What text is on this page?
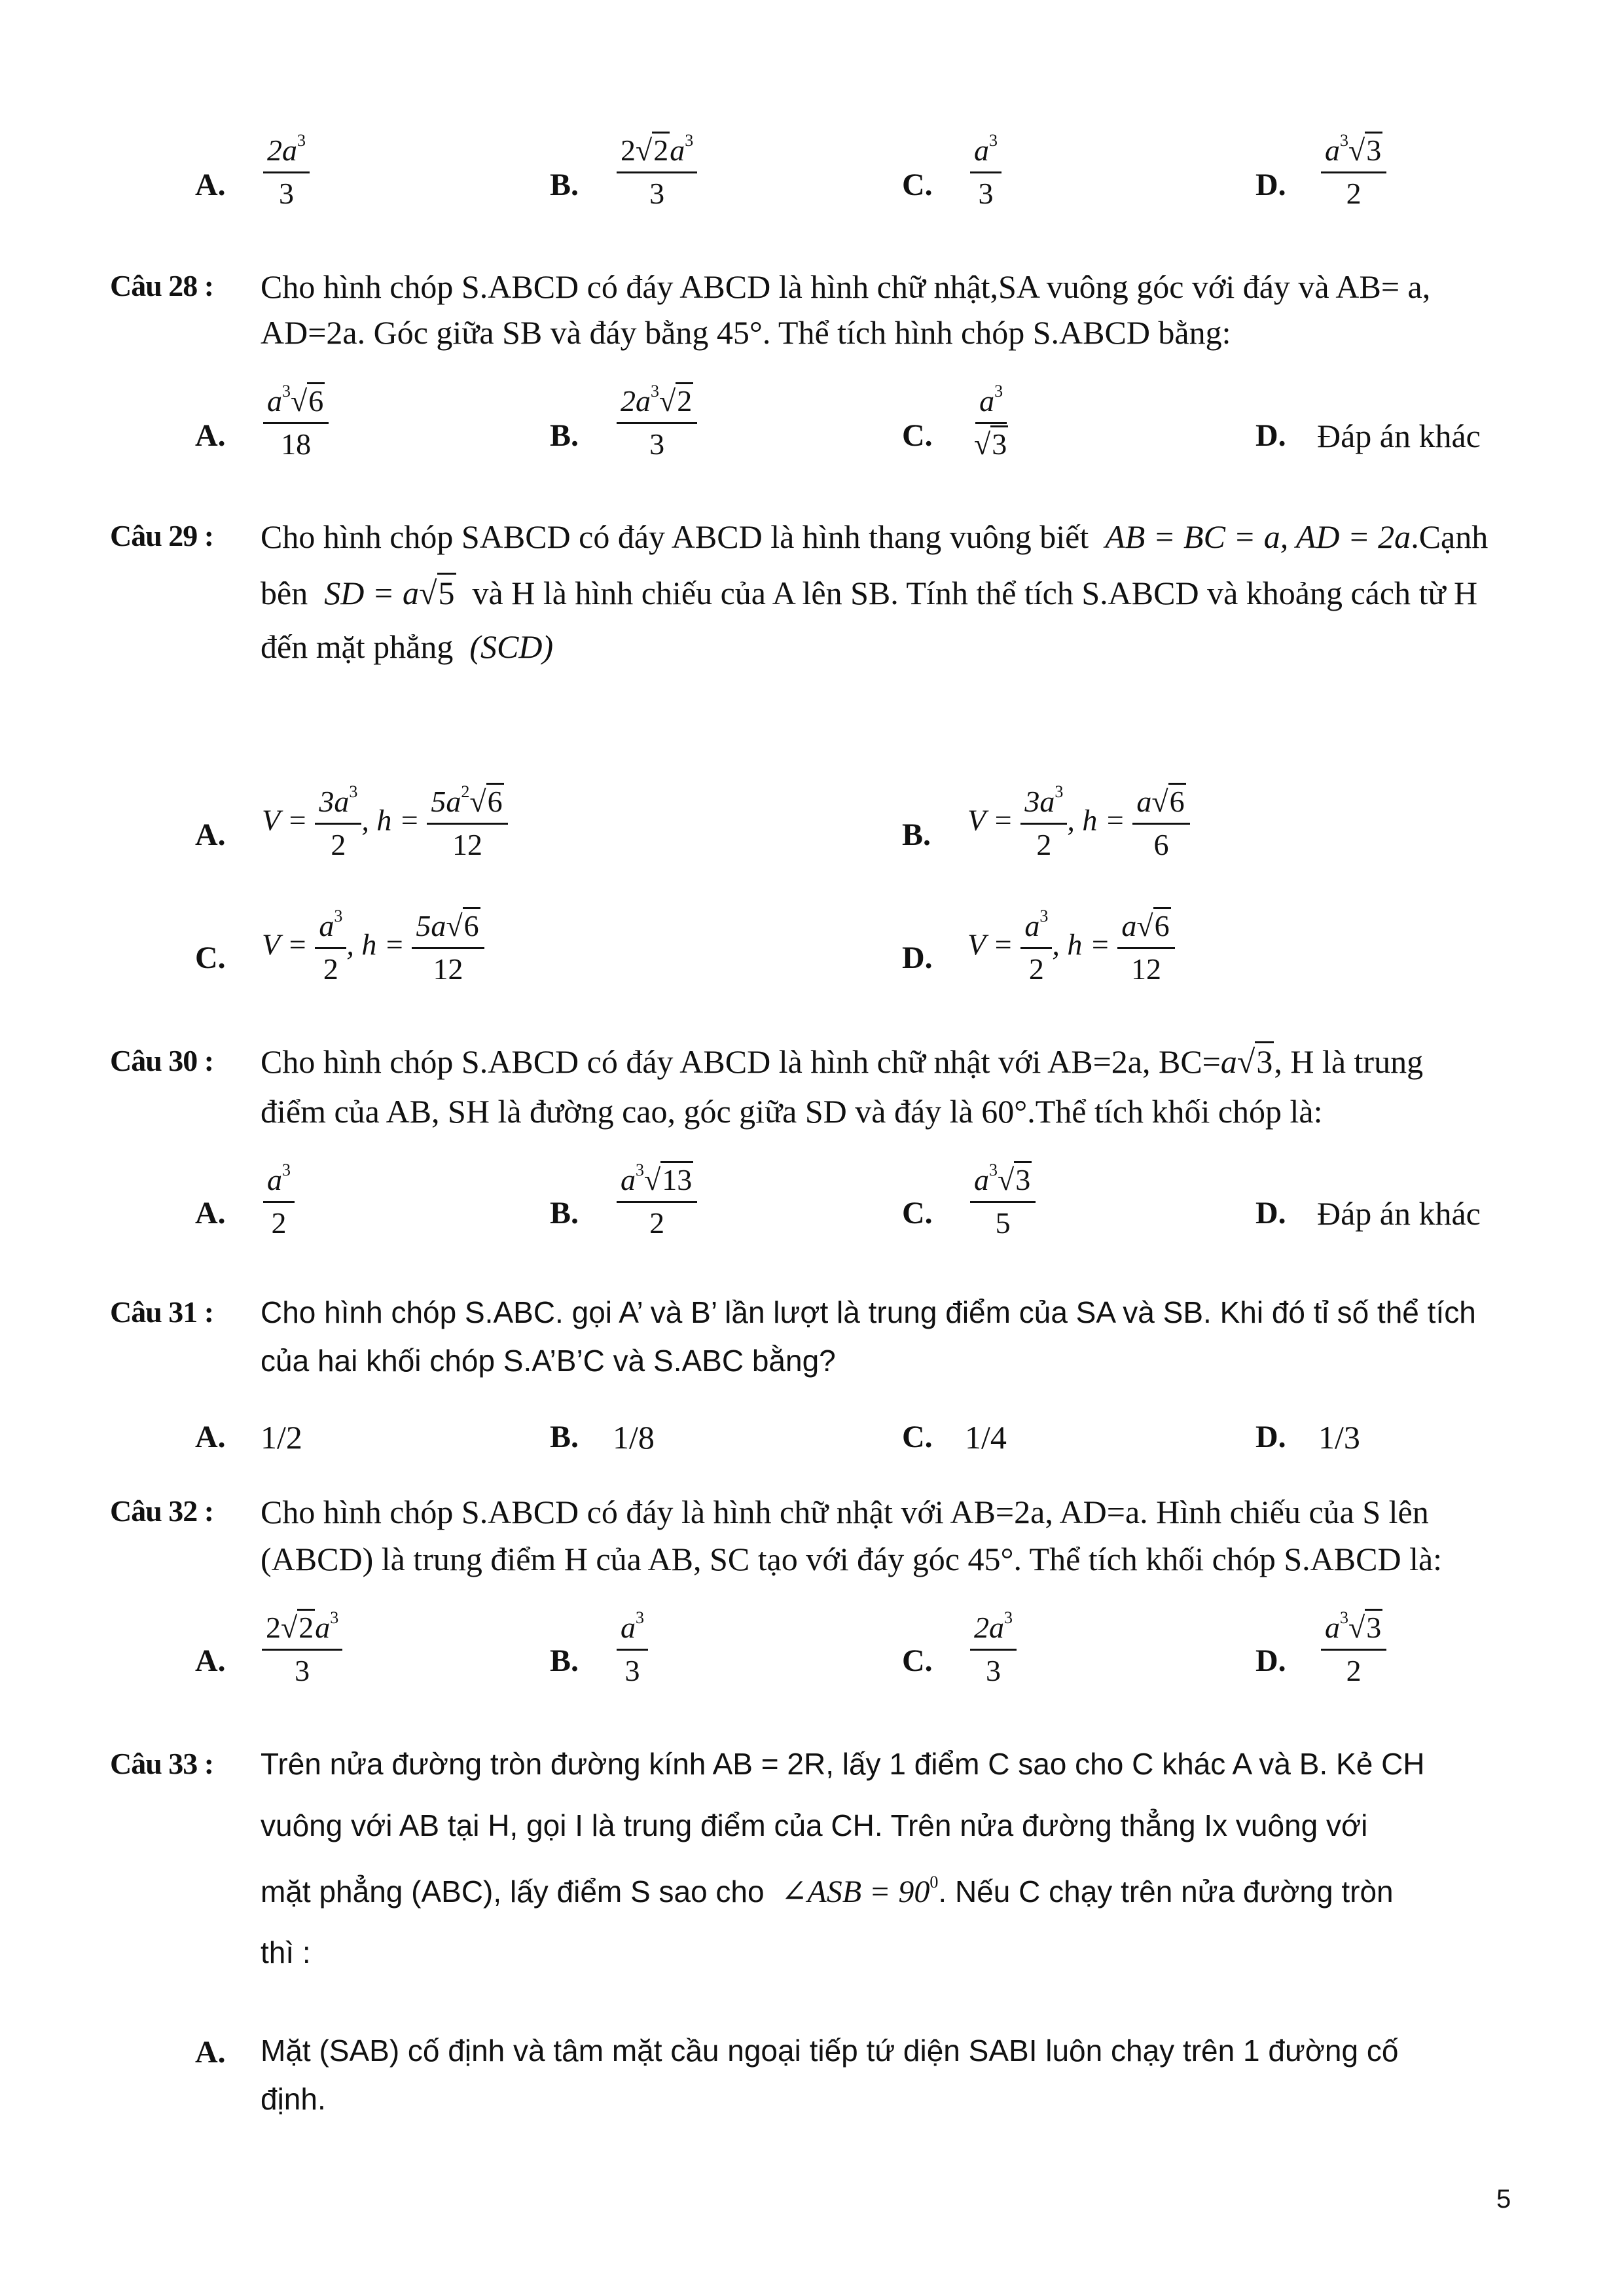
A. $\frac{2a^3}{3}$	B. $\frac{2√2a^3}{3}$	C. $\frac{a^3}{3}$	D. $\frac{a^3√3}{2}$
Câu 28 : Cho hình chóp S.ABCD có đáy ABCD là hình chữ nhật,SA vuông góc với đáy và AB= a,
AD=2a. Góc giữa SB và đáy bằng 45°. Thể tích hình chóp S.ABCD bằng:
A. $\frac{a^3√6}{18}$	B. $\frac{2a^3√2}{3}$	C. $\frac{a^3}{√3}$	D. Đáp án khác
Câu 29 : Cho hình chóp SABCD có đáy ABCD là hình thang vuông biết AB = BC = a, AD = 2a.Cạnh
bên SD = a√5 và H là hình chiếu của A lên SB. Tính thể tích S.ABCD và khoảng cách từ H
đến mặt phẳng (SCD)
A. $V = \frac{3a^3}{2}$ , $h = \frac{5a^2√6}{12}$	B. $V = \frac{3a^3}{2}$ , $h = \frac{a√6}{6}$
C. $V = \frac{a^3}{2}$ , $h = \frac{5a√6}{12}$	D. $V = \frac{a^3}{2}$ , $h = \frac{a√6}{12}$
Câu 30 : Cho hình chóp S.ABCD có đáy ABCD là hình chữ nhật với AB=2a, BC=a√3, H là trung
điểm của AB, SH là đường cao, góc giữa SD và đáy là 60°.Thể tích khối chóp là:
A. $\frac{a^3}{2}$	B. $\frac{a^3√13}{2}$	C. $\frac{a^3√3}{5}$	D. Đáp án khác
Câu 31 : Cho hình chóp S.ABC. gọi A’ và B’ lần lượt là trung điểm của SA và SB. Khi đó tỉ số thể tích
của hai khối chóp S.A’B’C và S.ABC bằng?
A. 1/2	B. 1/8	C. 1/4	D. 1/3
Câu 32 : Cho hình chóp S.ABCD có đáy là hình chữ nhật với AB=2a, AD=a. Hình chiếu của S lên
(ABCD) là trung điểm H của AB, SC tạo với đáy góc 45°. Thể tích khối chóp S.ABCD là:
A. $\frac{2√2a^3}{3}$	B. $\frac{a^3}{3}$	C. $\frac{2a^3}{3}$	D. $\frac{a^3√3}{2}$
Câu 33 : Trên nửa đường tròn đường kính AB = 2R, lấy 1 điểm C sao cho C khác A và B. Kẻ CH
vuông với AB tại H, gọi I là trung điểm của CH. Trên nửa đường thẳng Ix vuông với
mặt phẳng (ABC), lấy điểm S sao cho ∠ASB = $90^0$. Nếu C chạy trên nửa đường tròn
thì :
A. Mặt (SAB) cố định và tâm mặt cầu ngoại tiếp tứ diện SABI luôn chạy trên 1 đường cố
định.
5
